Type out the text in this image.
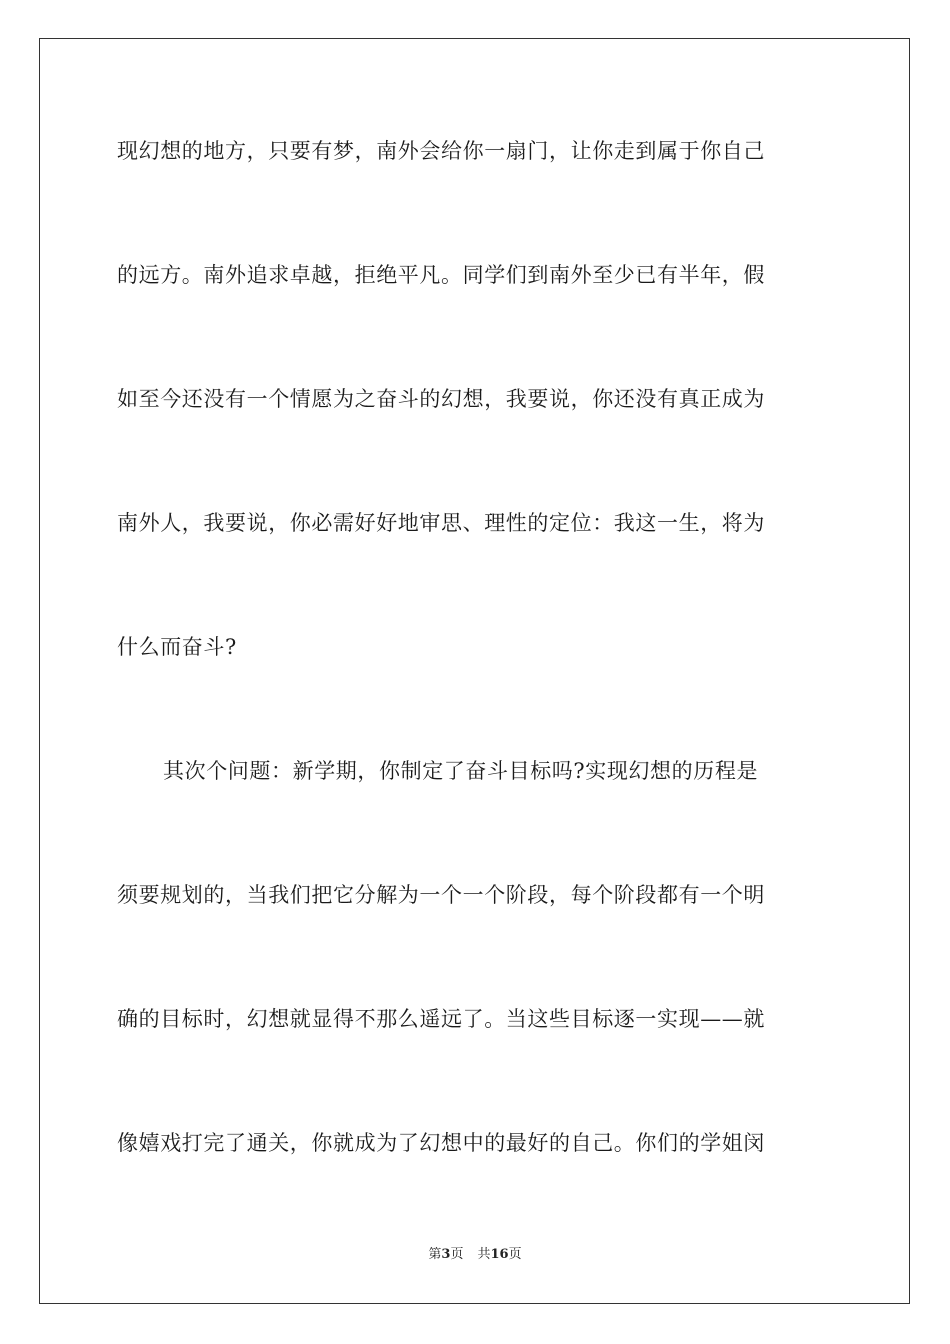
现幻想的地方，只要有梦，南外会给你一扇门，让你走到属于你自己
的远方。南外追求卓越，拒绝平凡。同学们到南外至少已有半年，假
如至今还没有一个情愿为之奋斗的幻想，我要说，你还没有真正成为
南外人，我要说，你必需好好地审思、理性的定位：我这一生，将为
什么而奋斗?
其次个问题：新学期，你制定了奋斗目标吗?实现幻想的历程是
须要规划的，当我们把它分解为一个一个阶段，每个阶段都有一个明
确的目标时，幻想就显得不那么遥远了。当这些目标逐一实现——就
像嬉戏打完了通关，你就成为了幻想中的最好的自己。你们的学姐闵
第3页 共16页
